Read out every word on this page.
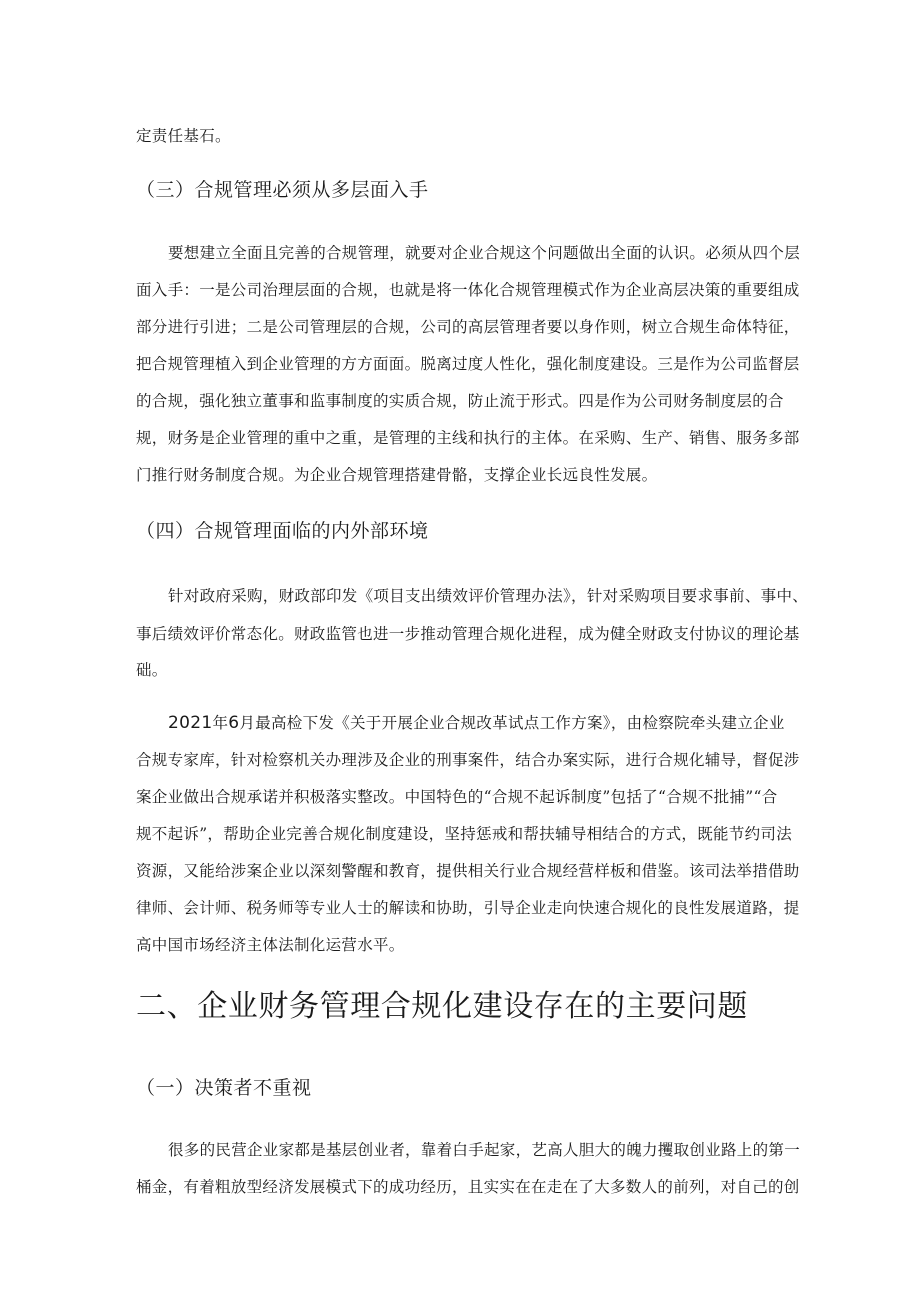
定责任基石。
（三）合规管理必须从多层面入手
要想建立全面且完善的合规管理，就要对企业合规这个问题做出全面的认识。必须从四个层
面入手：一是公司治理层面的合规，也就是将一体化合规管理模式作为企业高层决策的重要组成
部分进行引进；二是公司管理层的合规，公司的高层管理者要以身作则，树立合规生命体特征，
把合规管理植入到企业管理的方方面面。脱离过度人性化，强化制度建设。三是作为公司监督层
的合规，强化独立董事和监事制度的实质合规，防止流于形式。四是作为公司财务制度层的合
规，财务是企业管理的重中之重，是管理的主线和执行的主体。在采购、生产、销售、服务多部
门推行财务制度合规。为企业合规管理搭建骨骼，支撑企业长远良性发展。
（四）合规管理面临的内外部环境
针对政府采购，财政部印发《项目支出绩效评价管理办法》，针对采购项目要求事前、事中、
事后绩效评价常态化。财政监管也进一步推动管理合规化进程，成为健全财政支付协议的理论基
础。
2021年6月最高检下发《关于开展企业合规改革试点工作方案》，由检察院牵头建立企业
合规专家库，针对检察机关办理涉及企业的刑事案件，结合办案实际，进行合规化辅导，督促涉
案企业做出合规承诺并积极落实整改。中国特色的“合规不起诉制度”包括了“合规不批捕”“合
规不起诉”，帮助企业完善合规化制度建设，坚持惩戒和帮扶辅导相结合的方式，既能节约司法
资源，又能给涉案企业以深刻警醒和教育，提供相关行业合规经营样板和借鉴。该司法举措借助
律师、会计师、税务师等专业人士的解读和协助，引导企业走向快速合规化的良性发展道路，提
高中国市场经济主体法制化运营水平。
二、企业财务管理合规化建设存在的主要问题
（一）决策者不重视
很多的民营企业家都是基层创业者，靠着白手起家，艺高人胆大的魄力攫取创业路上的第一
桶金，有着粗放型经济发展模式下的成功经历，且实实在在走在了大多数人的前列，对自己的创
